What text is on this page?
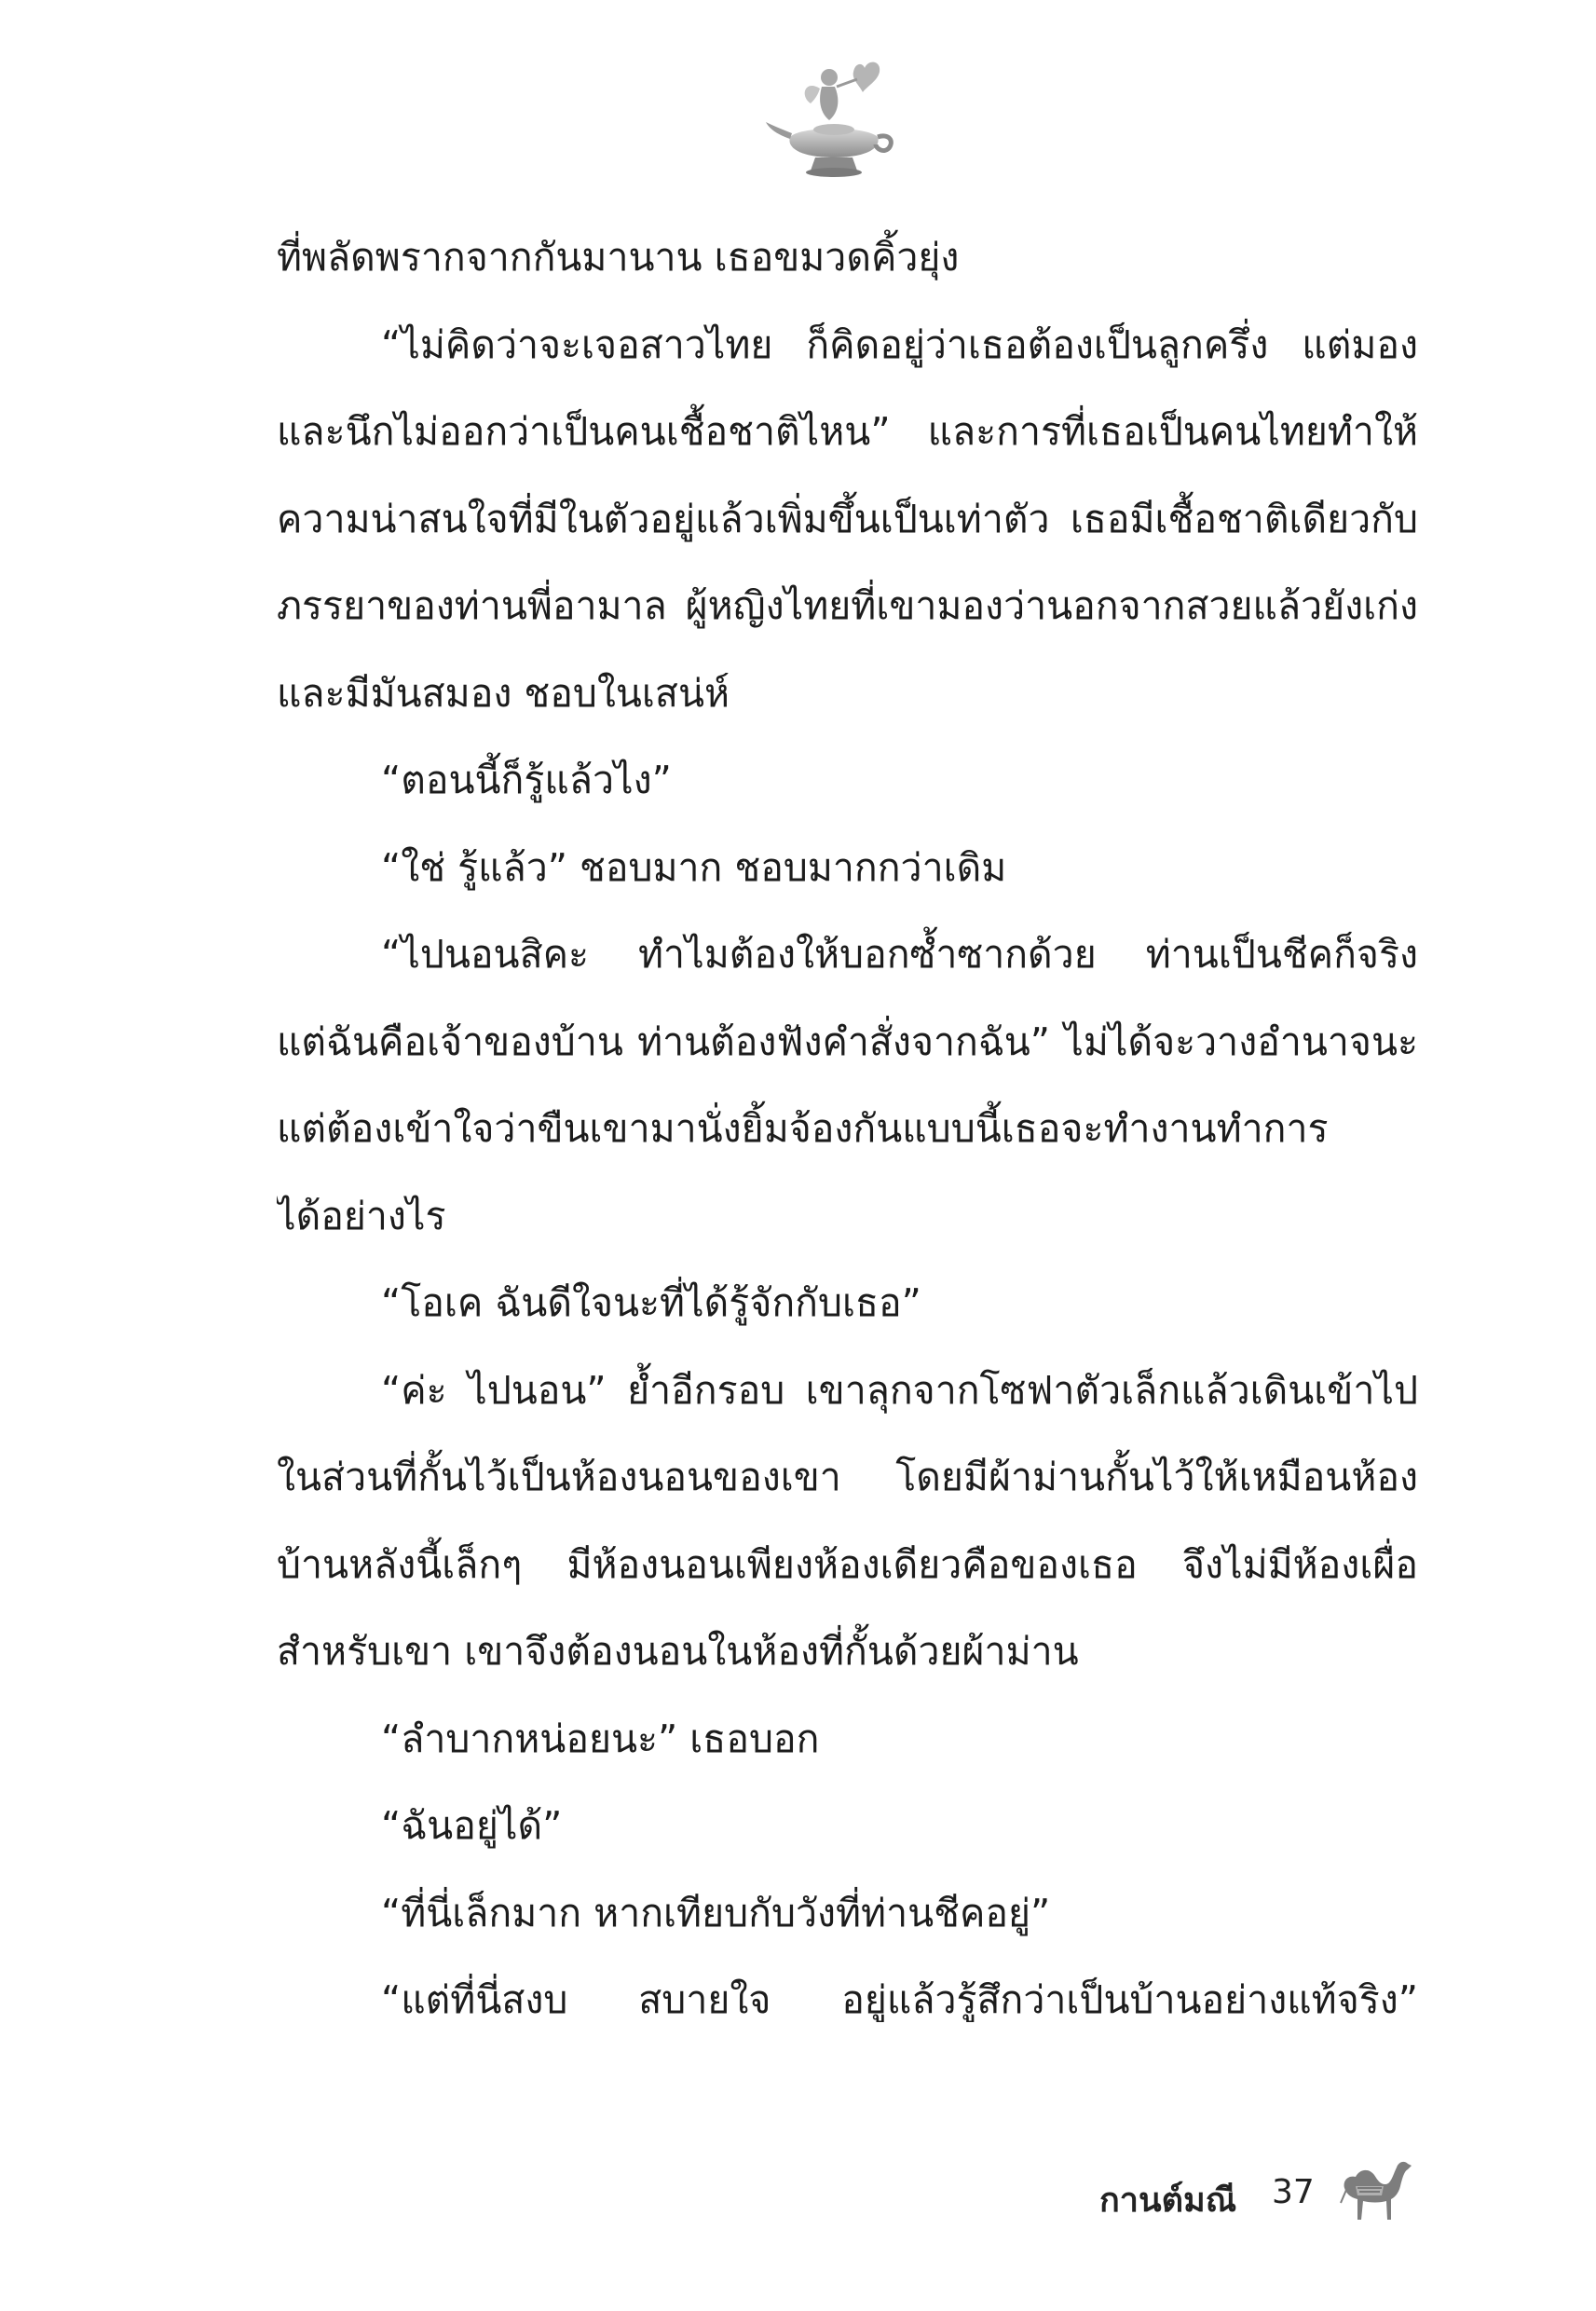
ที่พลัดพรากจากกันมานาน เธอขมวดคิ้วยุ่ง
“ไม่คิดว่าจะเจอสาวไทย ก็คิดอยู่ว่าเธอต้องเป็นลูกครึ่ง แต่มอง
และนึกไม่ออกว่าเป็นคนเชื้อชาติไหน” และการที่เธอเป็นคนไทยทำให้
ความน่าสนใจที่มีในตัวอยู่แล้วเพิ่มขึ้นเป็นเท่าตัว เธอมีเชื้อชาติเดียวกับ
ภรรยาของท่านพี่อามาล ผู้หญิงไทยที่เขามองว่านอกจากสวยแล้วยังเก่ง
และมีมันสมอง ชอบในเสน่ห์
“ตอนนี้ก็รู้แล้วไง”
“ใช่ รู้แล้ว” ชอบมาก ชอบมากกว่าเดิม
“ไปนอนสิคะ ทำไมต้องให้บอกซ้ำซากด้วย ท่านเป็นชีคก็จริง
แต่ฉันคือเจ้าของบ้าน ท่านต้องฟังคำสั่งจากฉัน” ไม่ได้จะวางอำนาจนะ
แต่ต้องเข้าใจว่าขืนเขามานั่งยิ้มจ้องกันแบบนี้เธอจะทำงานทำการ
ได้อย่างไร
“โอเค ฉันดีใจนะที่ได้รู้จักกับเธอ”
“ค่ะ ไปนอน” ย้ำอีกรอบ เขาลุกจากโซฟาตัวเล็กแล้วเดินเข้าไป
ในส่วนที่กั้นไว้เป็นห้องนอนของเขา โดยมีผ้าม่านกั้นไว้ให้เหมือนห้อง
บ้านหลังนี้เล็กๆ มีห้องนอนเพียงห้องเดียวคือของเธอ จึงไม่มีห้องเผื่อ
สำหรับเขา เขาจึงต้องนอนในห้องที่กั้นด้วยผ้าม่าน
“ลำบากหน่อยนะ” เธอบอก
“ฉันอยู่ได้”
“ที่นี่เล็กมาก หากเทียบกับวังที่ท่านชีคอยู่”
“แต่ที่นี่สงบ สบายใจ อยู่แล้วรู้สึกว่าเป็นบ้านอย่างแท้จริง”
กานต์มณี 37
